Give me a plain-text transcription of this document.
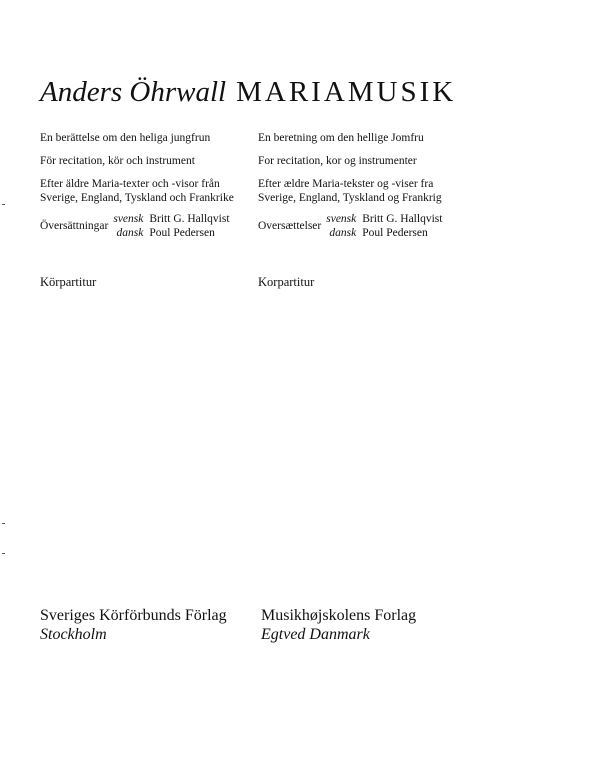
Anders Öhrwall MARIAMUSIK
En berättelse om den heliga jungfrun
För recitation, kör och instrument
Efter äldre Maria-texter och -visor från
Sverige, England, Tyskland och Frankrike
Översättningar
svensk
dansk
Britt G. Hallqvist
Poul Pedersen
En beretning om den hellige Jomfru
For recitation, kor og instrumenter
Efter ældre Maria-tekster og -viser fra
Sverige, England, Tyskland og Frankrig
Oversættelser
svensk
dansk
Britt G. Hallqvist
Poul Pedersen
Körpartitur	Korpartitur
Sveriges Körförbunds Förlag
Stockholm
Musikhøjskolens Forlag
Egtved Danmark
